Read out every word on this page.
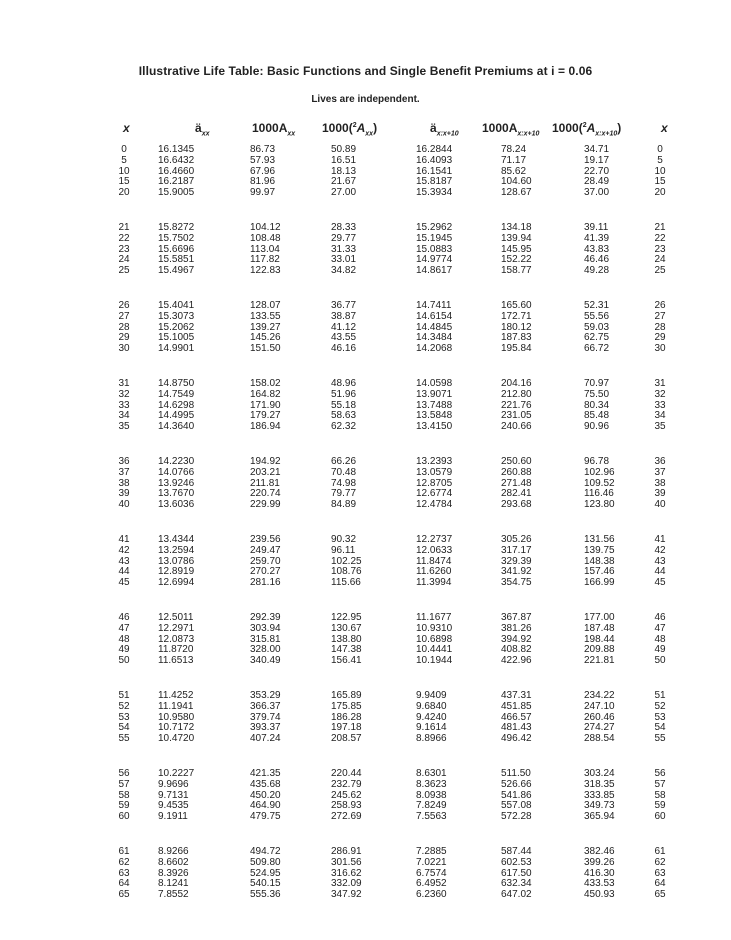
Illustrative Life Table: Basic Functions and Single Benefit Premiums at i = 0.06
Lives are independent.
x	$ä_{xx}$	$1000A_{xx}$ $1000(^2A_{xx})$	$ä_{x:x+10}$ $1000A_{x:x+10}$ $1000(^2A_{x:x+10})$	x
0	16.1345	86.73	50.89	16.2844	78.24	34.71	0
5	16.6432	57.93	16.51	16.4093	71.17	19.17	5
10	16.4660	67.96	18.13	16.1541	85.62	22.70	10
15	16.2187	81.96	21.67	15.8187	104.60	28.49	15
20	15.9005	99.97	27.00	15.3934	128.67	37.00	20
21	15.8272	104.12	28.33	15.2962	134.18	39.11	21
22	15.7502	108.48	29.77	15.1945	139.94	41.39	22
23	15.6696	113.04	31.33	15.0883	145.95	43.83	23
24	15.5851	117.82	33.01	14.9774	152.22	46.46	24
25	15.4967	122.83	34.82	14.8617	158.77	49.28	25
26	15.4041	128.07	36.77	14.7411	165.60	52.31	26
27	15.3073	133.55	38.87	14.6154	172.71	55.56	27
28	15.2062	139.27	41.12	14.4845	180.12	59.03	28
29	15.1005	145.26	43.55	14.3484	187.83	62.75	29
30	14.9901	151.50	46.16	14.2068	195.84	66.72	30
31	14.8750	158.02	48.96	14.0598	204.16	70.97	31
32	14.7549	164.82	51.96	13.9071	212.80	75.50	32
33	14.6298	171.90	55.18	13.7488	221.76	80.34	33
34	14.4995	179.27	58.63	13.5848	231.05	85.48	34
35	14.3640	186.94	62.32	13.4150	240.66	90.96	35
36	14.2230	194.92	66.26	13.2393	250.60	96.78	36
37	14.0766	203.21	70.48	13.0579	260.88	102.96	37
38	13.9246	211.81	74.98	12.8705	271.48	109.52	38
39	13.7670	220.74	79.77	12.6774	282.41	116.46	39
40	13.6036	229.99	84.89	12.4784	293.68	123.80	40
41	13.4344	239.56	90.32	12.2737	305.26	131.56	41
42	13.2594	249.47	96.11	12.0633	317.17	139.75	42
43	13.0786	259.70	102.25	11.8474	329.39	148.38	43
44	12.8919	270.27	108.76	11.6260	341.92	157.46	44
45	12.6994	281.16	115.66	11.3994	354.75	166.99	45
46	12.5011	292.39	122.95	11.1677	367.87	177.00	46
47	12.2971	303.94	130.67	10.9310	381.26	187.48	47
48	12.0873	315.81	138.80	10.6898	394.92	198.44	48
49	11.8720	328.00	147.38	10.4441	408.82	209.88	49
50	11.6513	340.49	156.41	10.1944	422.96	221.81	50
51	11.4252	353.29	165.89	9.9409	437.31	234.22	51
52	11.1941	366.37	175.85	9.6840	451.85	247.10	52
53	10.9580	379.74	186.28	9.4240	466.57	260.46	53
54	10.7172	393.37	197.18	9.1614	481.43	274.27	54
55	10.4720	407.24	208.57	8.8966	496.42	288.54	55
56	10.2227	421.35	220.44	8.6301	511.50	303.24	56
57	9.9696	435.68	232.79	8.3623	526.66	318.35	57
58	9.7131	450.20	245.62	8.0938	541.86	333.85	58
59	9.4535	464.90	258.93	7.8249	557.08	349.73	59
60	9.1911	479.75	272.69	7.5563	572.28	365.94	60
61	8.9266	494.72	286.91	7.2885	587.44	382.46	61
62	8.6602	509.80	301.56	7.0221	602.53	399.26	62
63	8.3926	524.95	316.62	6.7574	617.50	416.30	63
64	8.1241	540.15	332.09	6.4952	632.34	433.53	64
65	7.8552	555.36	347.92	6.2360	647.02	450.93	65
